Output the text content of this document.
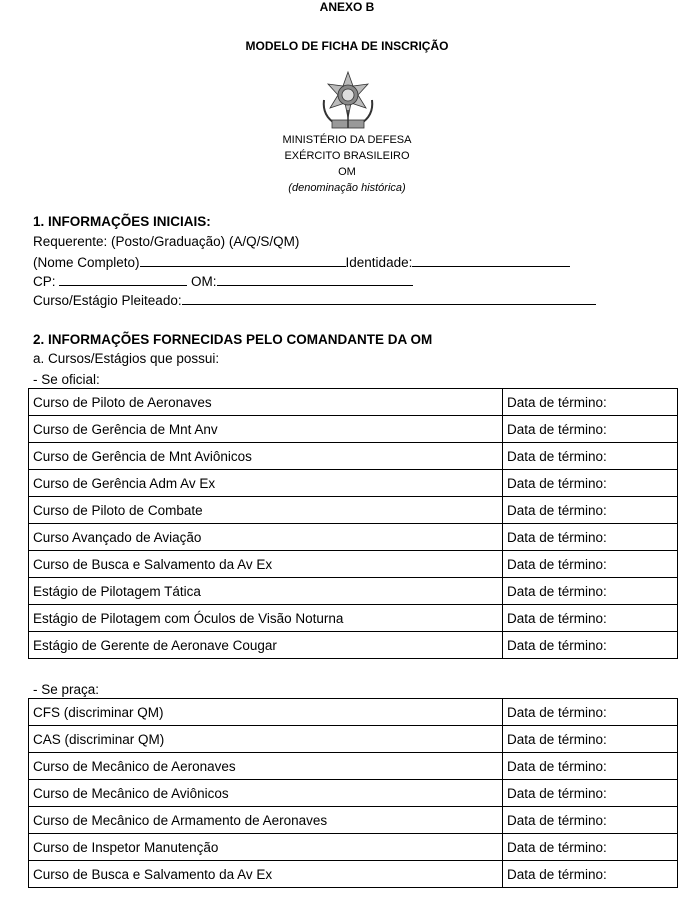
ANEXO B
MODELO DE FICHA DE INSCRIÇÃO
MINISTÉRIO DA DEFESA
EXÉRCITO BRASILEIRO
OM
(denominação histórica)
1. INFORMAÇÕES INICIAIS:
Requerente: (Posto/Graduação) (A/Q/S/QM)
(Nome Completo)	Identidade:
CP:	OM:
Curso/Estágio Pleiteado:
2. INFORMAÇÕES FORNECIDAS PELO COMANDANTE DA OM
a. Cursos/Estágios que possui:
- Se oficial:
Curso de Piloto de Aeronaves	Data de término:
Curso de Gerência de Mnt Anv	Data de término:
Curso de Gerência de Mnt Aviônicos	Data de término:
Curso de Gerência Adm Av Ex	Data de término:
Curso de Piloto de Combate	Data de término:
Curso Avançado de Aviação	Data de término:
Curso de Busca e Salvamento da Av Ex	Data de término:
Estágio de Pilotagem Tática	Data de término:
Estágio de Pilotagem com Óculos de Visão Noturna	Data de término:
Estágio de Gerente de Aeronave Cougar	Data de término:
- Se praça:
CFS (discriminar QM)	Data de término:
CAS (discriminar QM)	Data de término:
Curso de Mecânico de Aeronaves	Data de término:
Curso de Mecânico de Aviônicos	Data de término:
Curso de Mecânico de Armamento de Aeronaves	Data de término:
Curso de Inspetor Manutenção	Data de término:
Curso de Busca e Salvamento da Av Ex	Data de término:
